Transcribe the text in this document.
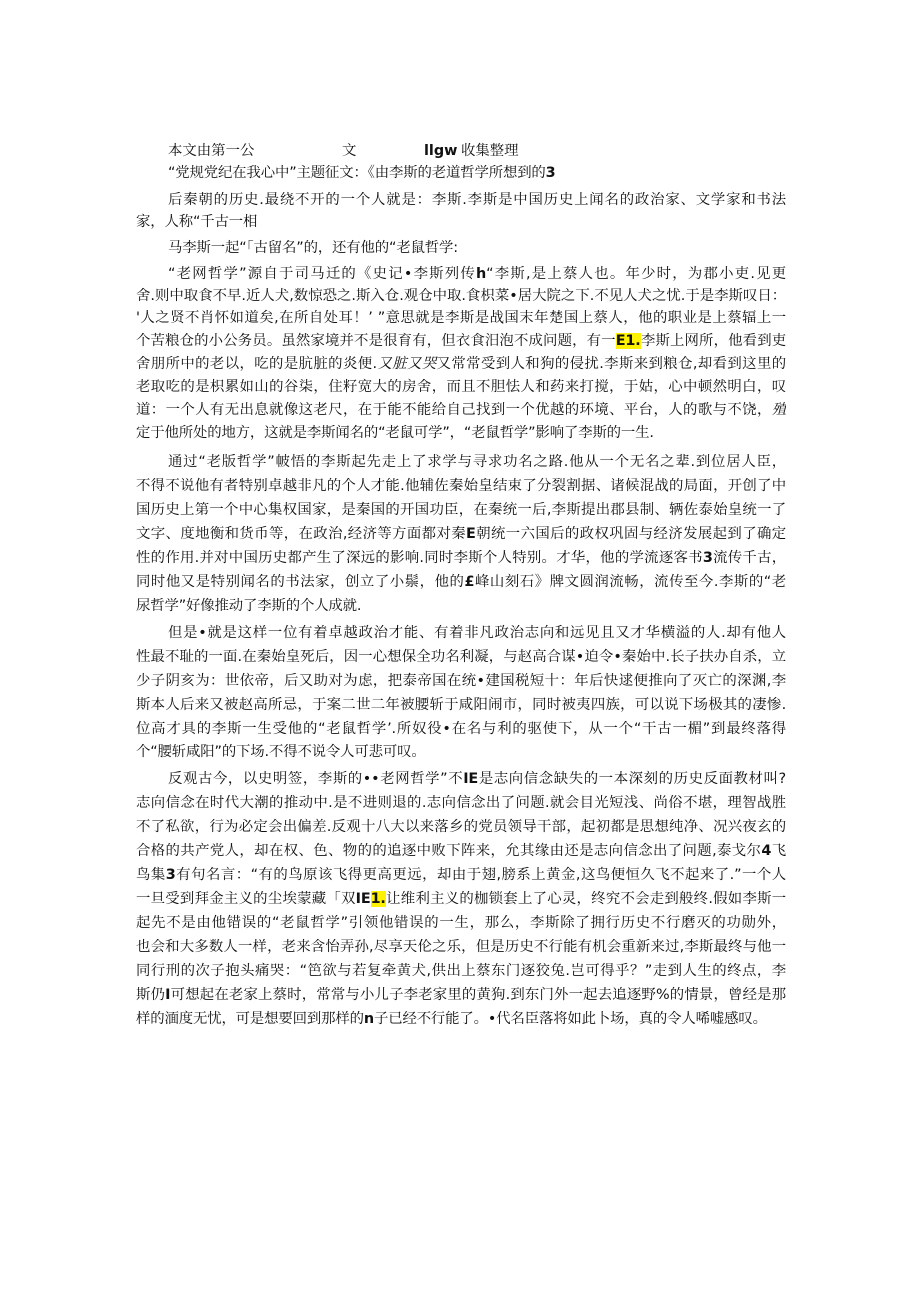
本文由第一公	文	llgw 收集整理
“党规党纪在我心中”主题征文：《由李斯的老道哲学所想到的3
后秦朝的历史.最绕不开的一个人就是：李斯.李斯是中国历史上闻名的政治家、文学家和书法
家，人称“千古一相
马李斯一起“「古留名”的，还有他的“老鼠哲学:
“老网哲学”源自于司马迁的《史记•李斯列传h“李斯,是上蔡人也。年少时，为郡小吏.见更
舍.则中取食不早.近人犬,数惊恐之.斯入仓.观仓中取.食枳菜•居大院之下.不见人犬之忧.于是李斯叹日：
'人之贤不肖怀如道矣,在所自处耳！’ ”意思就是李斯是战国末年楚国上蔡人，他的职业是上蔡辐上一
个苦粮仓的小公务员。虽然家境并不是很育有，但衣食汨泡不成问题，有一E1.李斯上网所，他看到吏
舍朋所中的老以，吃的是肮脏的炎便.又脏又哭又常常受到人和狗的侵扰.李斯来到粮仓,却看到这里的
老取吃的是枳累如山的谷柒，住籽宽大的房舍，而且不胆怯人和药来打搅，于姑，心中顿然明白，叹
道：一个人有无出息就像这老尺，在于能不能给自己找到一个优越的环境、平台，人的歌与不饶，殖
定于他所处的地方，这就是李斯闻名的“老鼠可学”，“老鼠哲学”影响了李斯的一生.
通过“老版哲学”帔悟的李斯起先走上了求学与寻求功名之路.他从一个无名之辈.到位居人臣，
不得不说他有者特别卓越非凡的个人才能.他辅佐秦始皇结束了分裂割据、诸候混战的局面，开创了中
国历史上第一个中心集权国家，是秦国的开国功臣，在秦统一后,李斯提出郡县制、辆佐泰始皇统一了
文字、度地衡和货币等，在政治,经济等方面都对秦E朝统一六国后的政权巩固与经济发展起到了确定
性的作用.并对中国历史都产生了深远的影响.同时李斯个人特别。才华，他的学流逐客书3流传千古，
同时他又是特别闻名的书法家，创立了小鬃，他的£峰山刻石》牌文圆润流畅，流传至今.李斯的“老
尿哲学”好像推动了李斯的个人成就.
但是•就是这样一位有着卓越政治才能、有着非凡政治志向和远见且又才华横溢的人.却有他人
性最不耻的一面.在秦始皇死后，因一心想保全功名利凝，与赵高合谋•迫令•秦始中.长子扶办自杀，立
少子阴亥为：世依帝，后又助对为虑，把泰帝国在统•建国税短十：年后快逑便推向了灭亡的深渊,李
斯本人后来又被赵高所忌，于案二世二年被腰斩于咸阳闹市，同时被夷四族，可以说下场极其的凄惨.
位高才具的李斯一生受他的“老鼠哲学’.所奴役•在名与利的驱使下，从一个“干古一楣”到最终落得
个“腰斩咸阳”的下场.不得不说令人可悲可叹。
反观古今，以史明签，李斯的••老网哲学”不IE是志向信念缺失的一本深刻的历史反面教材叫?
志向信念在时代大潮的推动中.是不进则退的.志向信念出了问题.就会目光短浅、尚俗不堪，理智战胜
不了私欲，行为必定会出偏差.反观十八大以来落乡的党员领导干部，起初都是思想纯净、况兴夜玄的
合格的共产党人，却在权、色、物的的追逐中败下阵来，允其缘由还是志向信念出了问题,泰戈尔4飞
鸟集3有句名言：“有的鸟原该飞得更高更远，却由于翅,膀系上黄金,这鸟便恒久飞不起来了.”一个人
一旦受到拜金主义的尘埃蒙藏「双IE1.让维利主义的枷锁套上了心灵，终究不会走到般终.假如李斯一
起先不是由他错误的“老鼠哲学”引领他错误的一生，那么，李斯除了拥行历史不行磨灭的功勋外，
也会和大多数人一样，老来含怡弄孙,尽享天伦之乐，但是历史不行能有机会重新来过,李斯最终与他一
同行刑的次子抱头痛哭：“笆欲与若复牵黄犬,供出上蔡东门逐狡兔.岂可得乎？”走到人生的终点，李
斯仍I可想起在老家上蔡时，常常与小儿子李老家里的黄狗.到东门外一起去追逐野%的情景，曾经是那
样的湎度无忧，可是想要回到那样的n子已经不行能了。•代名臣落将如此卜场，真的令人唏嘘感叹。
